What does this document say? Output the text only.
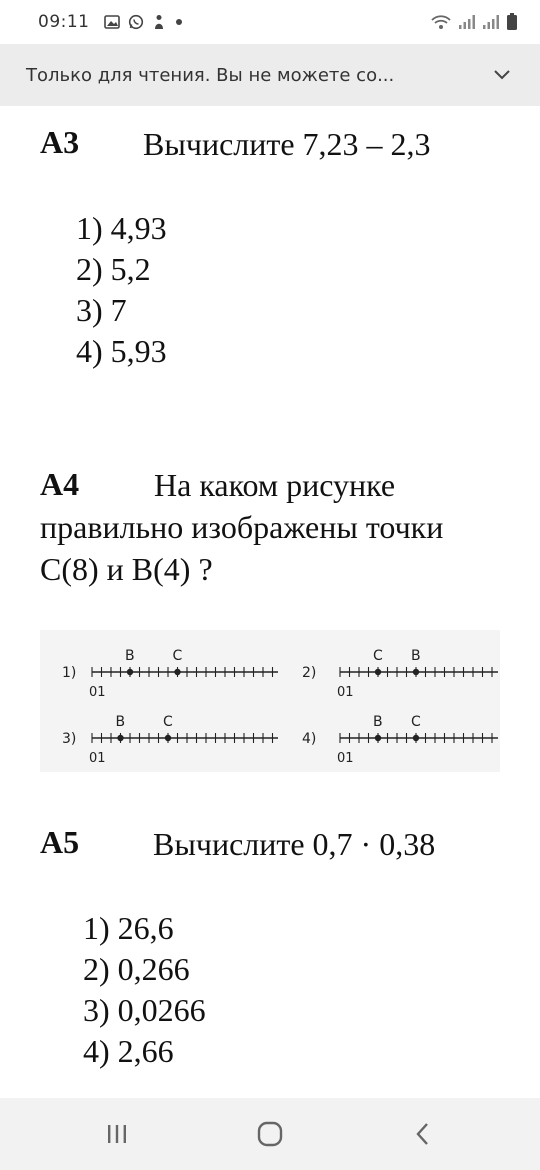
09:11
Только для чтения. Вы не можете со...
А3 Вычислите 7,23 – 2,3
1) 4,93
2) 5,2
3) 7
4) 5,93
А4 На каком рисунке
правильно изображены точки
С(8) и В(4) ?
1)
01
B	C
2)
01
B
C
3)
01
B	C
4)
01
B C
А5 Вычислите 0,7 · 0,38
1) 26,6
2) 0,266
3) 0,0266
4) 2,66
